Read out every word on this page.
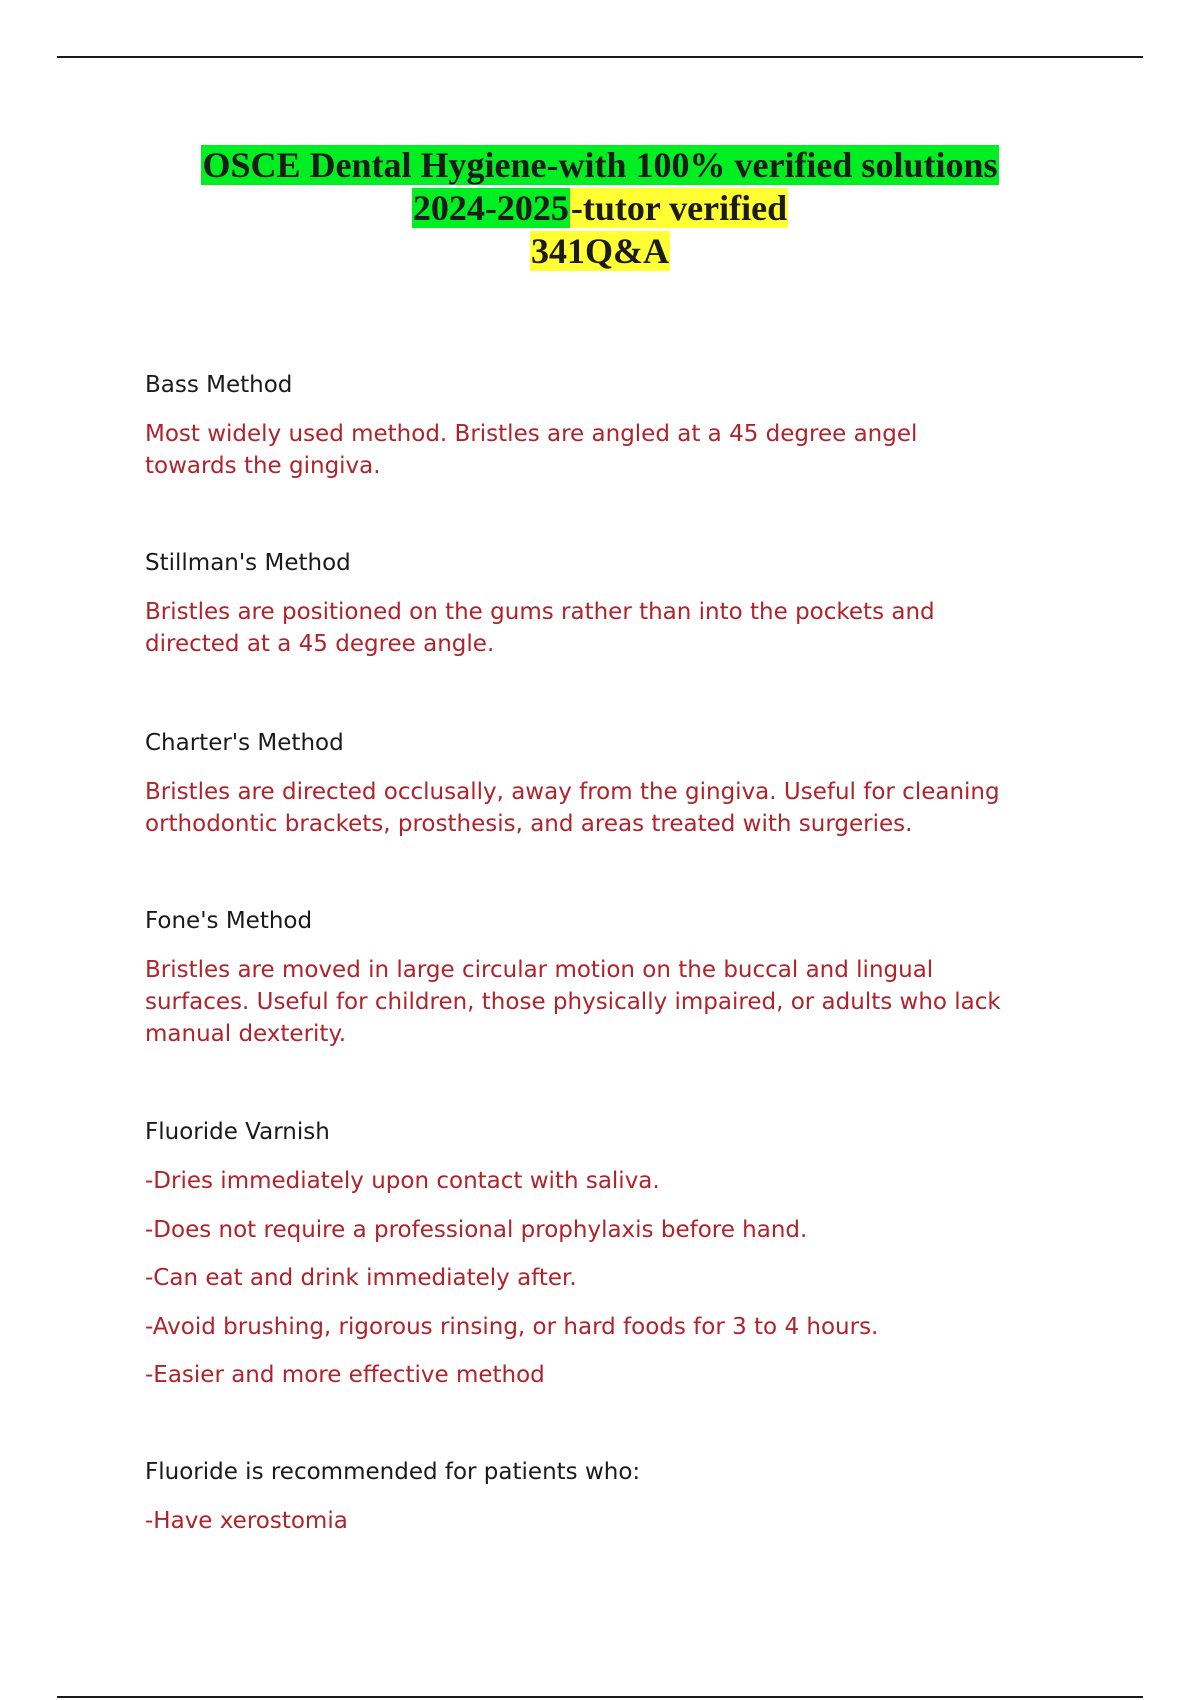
OSCE Dental Hygiene-with 100% verified solutions
2024-2025-tutor verified
341Q&A

Bass Method

Most widely used method. Bristles are angled at a 45 degree angel
towards the gingiva.

Stillman's Method

Bristles are positioned on the gums rather than into the pockets and
directed at a 45 degree angle.

Charter's Method

Bristles are directed occlusally, away from the gingiva. Useful for cleaning
orthodontic brackets, prosthesis, and areas treated with surgeries.

Fone's Method

Bristles are moved in large circular motion on the buccal and lingual
surfaces. Useful for children, those physically impaired, or adults who lack
manual dexterity.

Fluoride Varnish

-Dries immediately upon contact with saliva.

-Does not require a professional prophylaxis before hand.

-Can eat and drink immediately after.

-Avoid brushing, rigorous rinsing, or hard foods for 3 to 4 hours.

-Easier and more effective method

Fluoride is recommended for patients who:

-Have xerostomia
